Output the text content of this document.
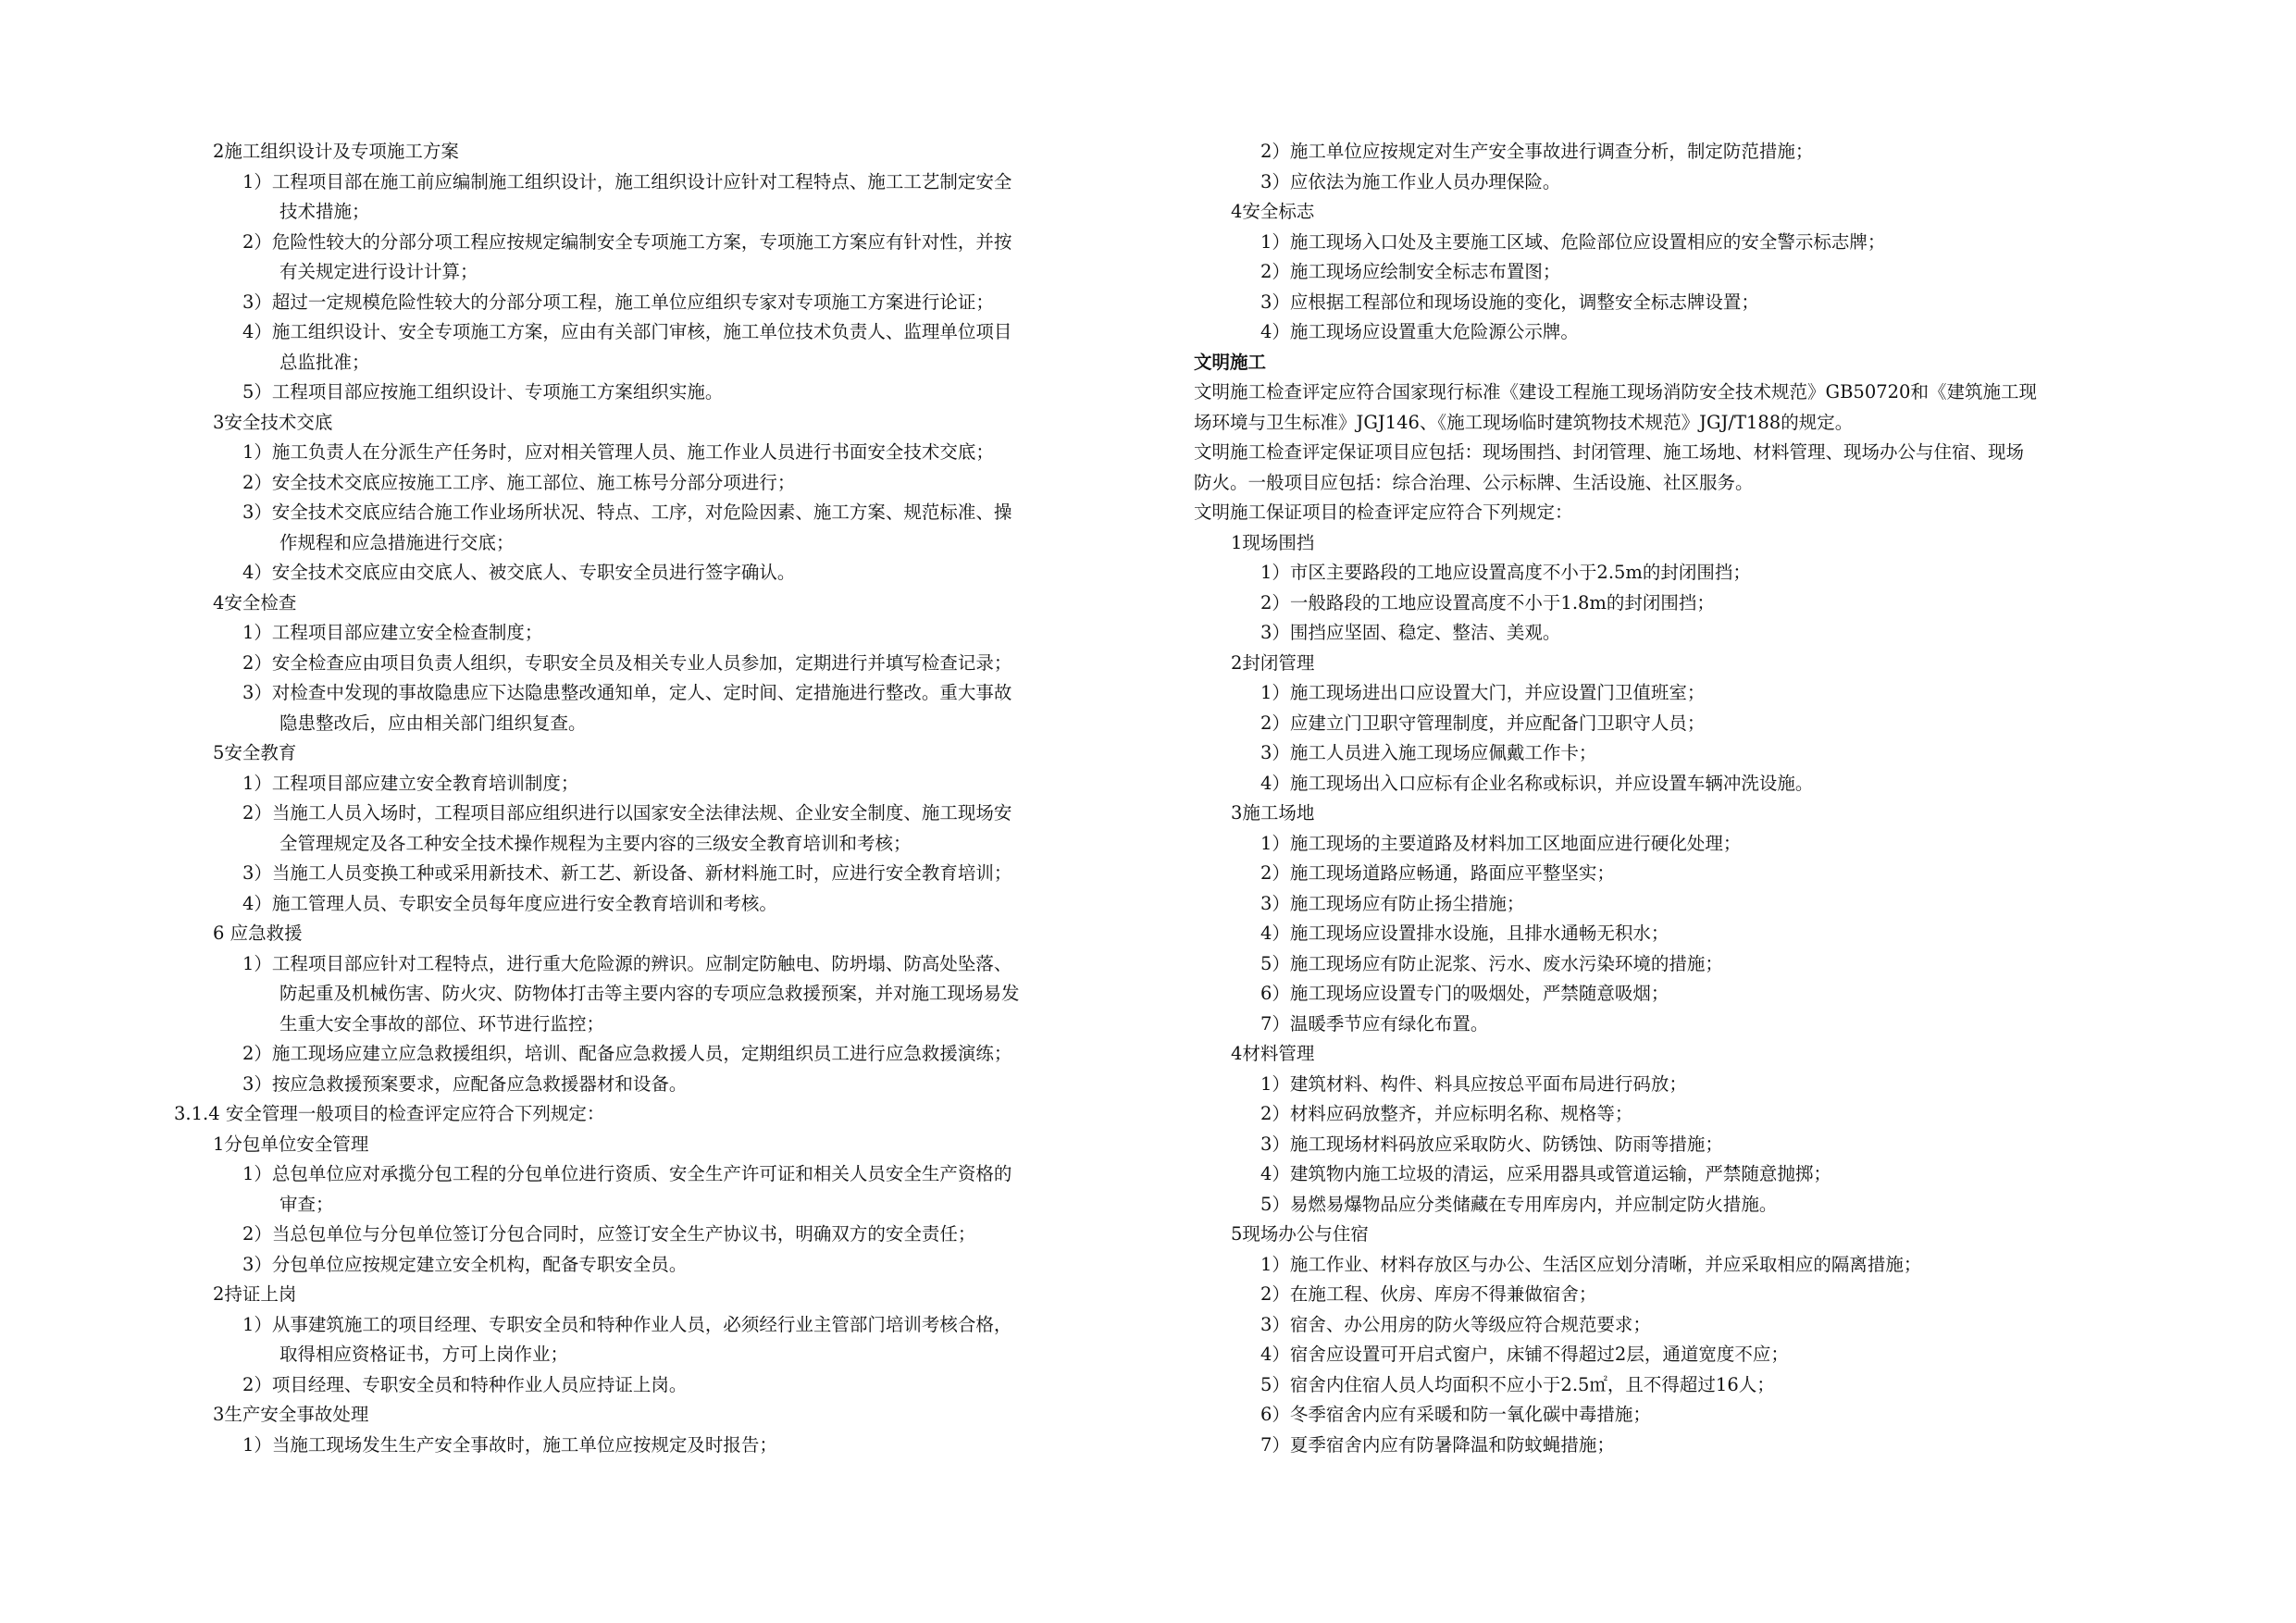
2施工组织设计及专项施工方案
1）工程项目部在施工前应编制施工组织设计，施工组织设计应针对工程特点、施工工艺制定安全
技术措施；
2）危险性较大的分部分项工程应按规定编制安全专项施工方案，专项施工方案应有针对性，并按
有关规定进行设计计算；
3）超过一定规模危险性较大的分部分项工程，施工单位应组织专家对专项施工方案进行论证；
4）施工组织设计、安全专项施工方案，应由有关部门审核，施工单位技术负责人、监理单位项目
总监批准；
5）工程项目部应按施工组织设计、专项施工方案组织实施。
3安全技术交底
1）施工负责人在分派生产任务时，应对相关管理人员、施工作业人员进行书面安全技术交底；
2）安全技术交底应按施工工序、施工部位、施工栋号分部分项进行；
3）安全技术交底应结合施工作业场所状况、特点、工序，对危险因素、施工方案、规范标准、操
作规程和应急措施进行交底；
4）安全技术交底应由交底人、被交底人、专职安全员进行签字确认。
4安全检查
1）工程项目部应建立安全检查制度；
2）安全检查应由项目负责人组织，专职安全员及相关专业人员参加，定期进行并填写检查记录；
3）对检查中发现的事故隐患应下达隐患整改通知单，定人、定时间、定措施进行整改。重大事故
隐患整改后，应由相关部门组织复查。
5安全教育
1）工程项目部应建立安全教育培训制度；
2）当施工人员入场时，工程项目部应组织进行以国家安全法律法规、企业安全制度、施工现场安
全管理规定及各工种安全技术操作规程为主要内容的三级安全教育培训和考核；
3）当施工人员变换工种或采用新技术、新工艺、新设备、新材料施工时，应进行安全教育培训；
4）施工管理人员、专职安全员每年度应进行安全教育培训和考核。
6 应急救援
1）工程项目部应针对工程特点，进行重大危险源的辨识。应制定防触电、防坍塌、防高处坠落、
防起重及机械伤害、防火灾、防物体打击等主要内容的专项应急救援预案，并对施工现场易发
生重大安全事故的部位、环节进行监控；
2）施工现场应建立应急救援组织，培训、配备应急救援人员，定期组织员工进行应急救援演练；
3）按应急救援预案要求，应配备应急救援器材和设备。
3.1.4 安全管理一般项目的检查评定应符合下列规定：
1分包单位安全管理
1）总包单位应对承揽分包工程的分包单位进行资质、安全生产许可证和相关人员安全生产资格的
审查；
2）当总包单位与分包单位签订分包合同时，应签订安全生产协议书，明确双方的安全责任；
3）分包单位应按规定建立安全机构，配备专职安全员。
2持证上岗
1）从事建筑施工的项目经理、专职安全员和特种作业人员，必须经行业主管部门培训考核合格，
取得相应资格证书，方可上岗作业；
2）项目经理、专职安全员和特种作业人员应持证上岗。
3生产安全事故处理
1）当施工现场发生生产安全事故时，施工单位应按规定及时报告；
2）施工单位应按规定对生产安全事故进行调查分析，制定防范措施；
3）应依法为施工作业人员办理保险。
4安全标志
1）施工现场入口处及主要施工区域、危险部位应设置相应的安全警示标志牌；
2）施工现场应绘制安全标志布置图；
3）应根据工程部位和现场设施的变化，调整安全标志牌设置；
4）施工现场应设置重大危险源公示牌。
文明施工
文明施工检查评定应符合国家现行标准《建设工程施工现场消防安全技术规范》GB50720和《建筑施工现
场环境与卫生标准》JGJ146、《施工现场临时建筑物技术规范》JGJ/T188的规定。
文明施工检查评定保证项目应包括：现场围挡、封闭管理、施工场地、材料管理、现场办公与住宿、现场
防火。一般项目应包括：综合治理、公示标牌、生活设施、社区服务。
文明施工保证项目的检查评定应符合下列规定：
1现场围挡
1）市区主要路段的工地应设置高度不小于2.5m的封闭围挡；
2）一般路段的工地应设置高度不小于1.8m的封闭围挡；
3）围挡应坚固、稳定、整洁、美观。
2封闭管理
1）施工现场进出口应设置大门，并应设置门卫值班室；
2）应建立门卫职守管理制度，并应配备门卫职守人员；
3）施工人员进入施工现场应佩戴工作卡；
4）施工现场出入口应标有企业名称或标识，并应设置车辆冲洗设施。
3施工场地
1）施工现场的主要道路及材料加工区地面应进行硬化处理；
2）施工现场道路应畅通，路面应平整坚实；
3）施工现场应有防止扬尘措施；
4）施工现场应设置排水设施，且排水通畅无积水；
5）施工现场应有防止泥浆、污水、废水污染环境的措施；
6）施工现场应设置专门的吸烟处，严禁随意吸烟；
7）温暖季节应有绿化布置。
4材料管理
1）建筑材料、构件、料具应按总平面布局进行码放；
2）材料应码放整齐，并应标明名称、规格等；
3）施工现场材料码放应采取防火、防锈蚀、防雨等措施；
4）建筑物内施工垃圾的清运，应采用器具或管道运输，严禁随意抛掷；
5）易燃易爆物品应分类储藏在专用库房内，并应制定防火措施。
5现场办公与住宿
1）施工作业、材料存放区与办公、生活区应划分清晰，并应采取相应的隔离措施；
2）在施工程、伙房、库房不得兼做宿舍；
3）宿舍、办公用房的防火等级应符合规范要求；
4）宿舍应设置可开启式窗户，床铺不得超过2层，通道宽度不应；
5）宿舍内住宿人员人均面积不应小于2.5㎡，且不得超过16人；
6）冬季宿舍内应有采暖和防一氧化碳中毒措施；
7）夏季宿舍内应有防暑降温和防蚊蝇措施；
